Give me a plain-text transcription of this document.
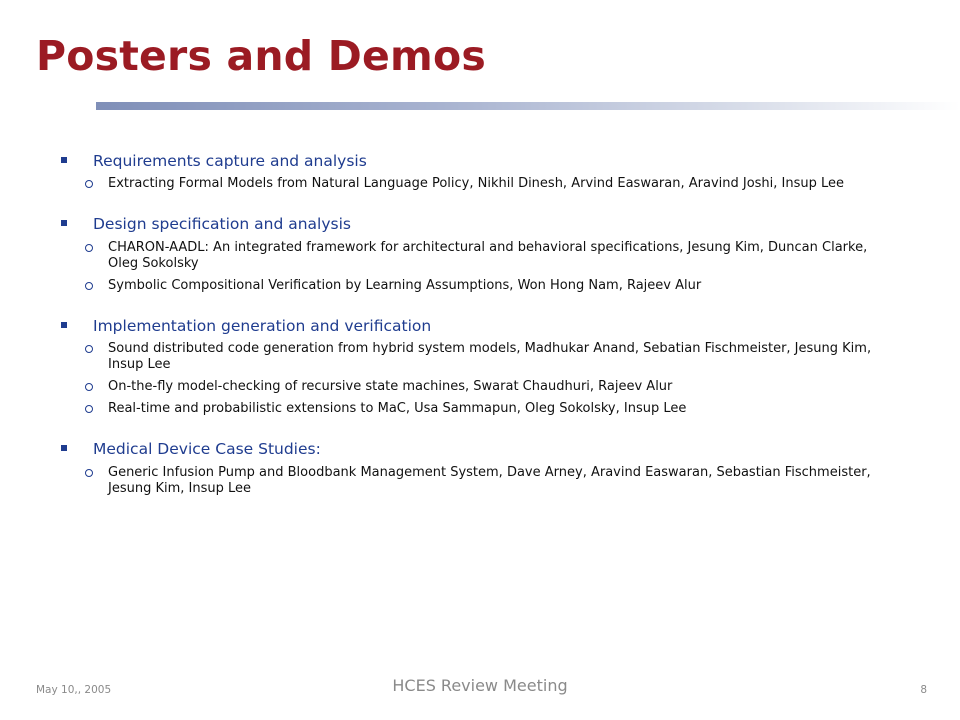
Posters and Demos
Requirements capture and analysis
Extracting Formal Models from Natural Language Policy, Nikhil Dinesh, Arvind Easwaran, Aravind Joshi, Insup Lee
Design specification and analysis
CHARON-AADL: An integrated framework for architectural and behavioral specifications, Jesung Kim, Duncan Clarke, Oleg Sokolsky
Symbolic Compositional Verification by Learning Assumptions, Won Hong Nam, Rajeev Alur
Implementation generation and verification
Sound distributed code generation from hybrid system models, Madhukar Anand, Sebatian Fischmeister, Jesung Kim, Insup Lee
On-the-fly model-checking of recursive state machines, Swarat Chaudhuri, Rajeev Alur
Real-time and probabilistic extensions to MaC, Usa Sammapun, Oleg Sokolsky, Insup Lee
Medical Device Case Studies:
Generic Infusion Pump and Bloodbank Management System, Dave Arney, Aravind Easwaran, Sebastian Fischmeister, Jesung Kim, Insup Lee
May 10,, 2005	HCES Review Meeting	8
